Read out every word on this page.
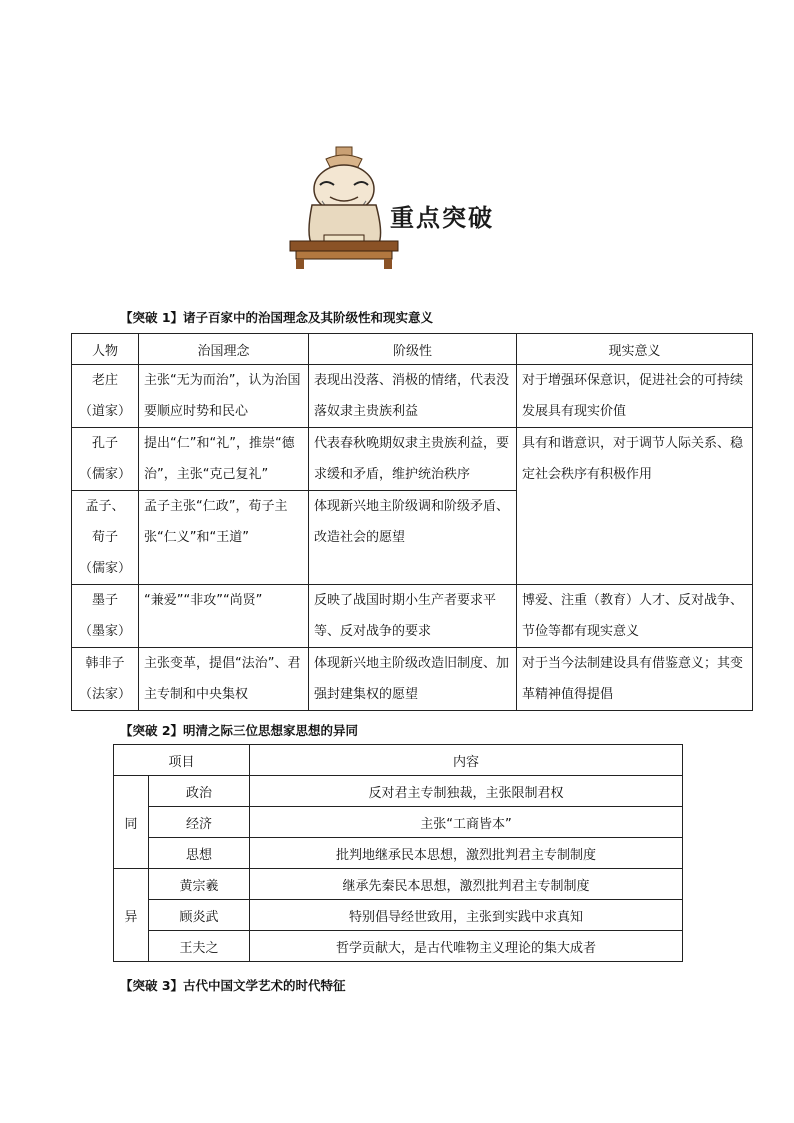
重点突破
【突破 1】诸子百家中的治国理念及其阶级性和现实意义
人物	治国理念	阶级性	现实意义

老庄
（道家）	主张“无为而治”，认为治国要顺应时势和民心	表现出没落、消极的情绪，代表没落奴隶主贵族利益	对于增强环保意识，促进社会的可持续发展具有现实价值

孔子
（儒家）	提出“仁”和“礼”，推崇“德治”，主张“克己复礼”	代表春秋晚期奴隶主贵族利益，要求缓和矛盾，维护统治秩序	具有和谐意识，对于调节人际关系、稳定社会秩序有积极作用

孟子、
荀子
（儒家）	孟子主张“仁政”，荀子主张“仁义”和“王道”	体现新兴地主阶级调和阶级矛盾、改造社会的愿望	

墨子
（墨家）	“兼爱”“非攻”“尚贤”	反映了战国时期小生产者要求平等、反对战争的要求	博爱、注重（教育）人才、反对战争、节俭等都有现实意义

韩非子
（法家）	主张变革，提倡“法治”、君主专制和中央集权	体现新兴地主阶级改造旧制度、加强封建集权的愿望	对于当今法制建设具有借鉴意义；其变革精神值得提倡
【突破 2】明清之际三位思想家思想的异同
项目		内容
同	政治	反对君主专制独裁，主张限制君权
	经济	主张“工商皆本”
	思想	批判地继承民本思想，激烈批判君主专制制度
异	黄宗羲	继承先秦民本思想，激烈批判君主专制制度
	顾炎武	特别倡导经世致用，主张到实践中求真知
	王夫之	哲学贡献大，是古代唯物主义理论的集大成者
【突破 3】古代中国文学艺术的时代特征
